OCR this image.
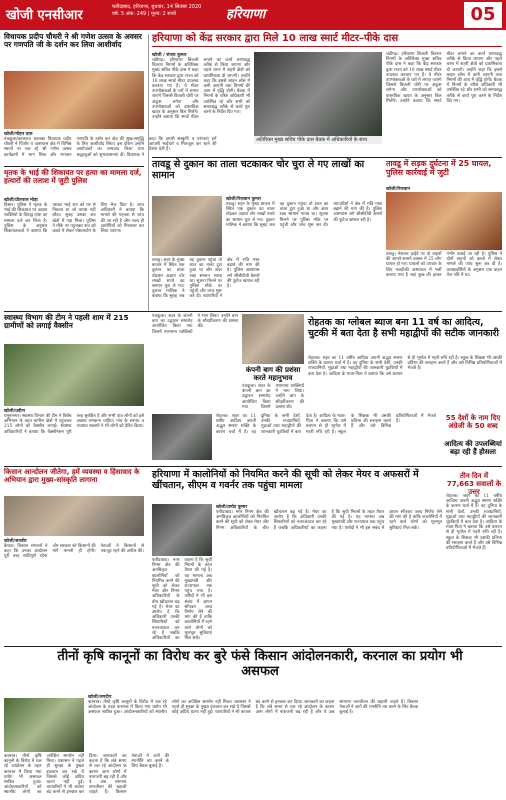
खोजी एनसीआर
फरीदाबाद, हरियाणा, बुधवार, 14 सितंबर 2020
वर्ष: 5 अंक: 249 | मूल्य: 2 रुपये	हरियाणा	05
विधायक प्रदीप चौधरी ने श्री गणेश उत्सव के अवसर पर गणपति जी के दर्शन कर लिया आशीर्वाद
खोजी/मोहन दास
पंचकूला/कालका। कालका विधायक प्रदीप चौधरी ने पिंजौर व आसपास क्षेत्र में विभिन्न स्थानों पर चल रहे श्री गणेश उत्सव कार्यक्रमों में भाग लिया और भगवान गणपति के दर्शन कर क्षेत्र की सुख-समृद्धि के लिए आशीर्वाद लिया। इस दौरान उन्होंने आयोजकों का धन्यवाद किया तथा श्रद्धालुओं को शुभकामनाएं दीं। विधायक ने कहा कि हमारी संस्कृति व परंपराएं हमें आपसी भाईचारे व मिलजुल कर रहने की प्रेरणा देती हैं।
मृतक के भाई की शिकायत पर हत्या का मामला दर्ज, हत्यारों की तलाश में जुटी पुलिस
खोजी/प्रीतपाल मोहा
हिसार। पुलिस ने मृतक के भाई की शिकायत पर अज्ञात व्यक्तियों के विरुद्ध हत्या का मामला दर्ज कर लिया है। पुलिस के अनुसार शिकायतकर्ता ने बताया कि उसका भाई रात को घर से निकला था जो वापस नहीं लौटा। सुबह उसका शव खेतों में पड़ा मिला। पुलिस ने मौके पर पहुंचकर शव को कब्जे में लेकर पोस्टमार्टम के लिए भेज दिया है। जांच अधिकारी ने बताया कि मामले की गहनता से जांच की जा रही है और जल्द ही आरोपियों को गिरफ्तार कर लिया जाएगा।
हरियाणा को केंद्र सरकार द्वारा मिले 10 लाख स्मार्ट मीटर–पीके दास
खोजी / संजय कुमार
चंडीगढ़। हरियाणा बिजली वितरण निगमों के अतिरिक्त मुख्य सचिव पीके दास ने कहा कि केंद्र सरकार द्वारा राज्य को 10 लाख स्मार्ट मीटर उपलब्ध करवाए गए हैं। ये मीटर उपभोक्ताओं के घरों में लगाए जाएंगे जिससे बिजली चोरी पर अंकुश लगेगा और उपभोक्ताओं को वास्तविक खपत के अनुसार बिल मिलेंगे। उन्होंने बताया कि स्मार्ट मीटर लगाने का कार्य चरणबद्ध तरीके से किया जाएगा और पहले चरण में शहरी क्षेत्रों को प्राथमिकता दी जाएगी। उन्होंने कहा कि इससे लाइन लॉस में कमी आएगी तथा निगमों की आय में वृद्धि होगी। बैठक में निगमों के वरिष्ठ अधिकारी भी उपस्थित रहे और सभी को समयबद्ध तरीके से कार्य पूरा करने के निर्देश दिए गए।
अतिरिक्त मुख्य सचिव पीके दास बैठक में अधिकारियों के साथ
चंडीगढ़। हरियाणा बिजली वितरण निगमों के अतिरिक्त मुख्य सचिव पीके दास ने कहा कि केंद्र सरकार द्वारा राज्य को 10 लाख स्मार्ट मीटर उपलब्ध करवाए गए हैं। ये मीटर उपभोक्ताओं के घरों में लगाए जाएंगे जिससे बिजली चोरी पर अंकुश लगेगा और उपभोक्ताओं को वास्तविक खपत के अनुसार बिल मिलेंगे। उन्होंने बताया कि स्मार्ट मीटर लगाने का कार्य चरणबद्ध तरीके से किया जाएगा और पहले चरण में शहरी क्षेत्रों को प्राथमिकता दी जाएगी। उन्होंने कहा कि इससे लाइन लॉस में कमी आएगी तथा निगमों की आय में वृद्धि होगी। बैठक में निगमों के वरिष्ठ अधिकारी भी उपस्थित रहे और सभी को समयबद्ध तरीके से कार्य पूरा करने के निर्देश दिए गए।
तावडू से दुकान का ताला चटकाकर चोर चुरा ले गए लाखों का सामान
खोजी/रिज़वान कुमार
तावडू। शहर के मुख्य बाजार में स्थित एक दुकान का ताला तोड़कर अज्ञात चोर लाखों रुपये का सामान चुरा ले गए। दुकान मालिक ने बताया कि सुबह जब वह दुकान पहुंचा तो शटर का ताला टूटा हुआ था और अंदर रखा सामान गायब था। सूचना मिलने पर पुलिस मौके पर पहुंची और जांच शुरू कर दी। व्यापारियों ने क्षेत्र में रात्रि गश्त बढ़ाने की मांग की है। पुलिस आसपास लगे सीसीटीवी कैमरों की फुटेज खंगाल रही है।
तावडू। शहर के मुख्य बाजार में स्थित एक दुकान का ताला तोड़कर अज्ञात चोर लाखों रुपये का सामान चुरा ले गए। दुकान मालिक ने बताया कि सुबह जब वह दुकान पहुंचा तो शटर का ताला टूटा हुआ था और अंदर रखा सामान गायब था। सूचना मिलने पर पुलिस मौके पर पहुंची और जांच शुरू कर दी। व्यापारियों ने क्षेत्र में रात्रि गश्त बढ़ाने की मांग की है। पुलिस आसपास लगे सीसीटीवी कैमरों की फुटेज खंगाल रही है।
तावडू में सड़क दुर्घटना में 25 घायल, पुलिस कार्रवाई में जुटी
खोजी/रिजवान
तावडू। नेशनल हाईवे पर दो वाहनों की आमने-सामने टक्कर में 25 लोग घायल हो गए। घायलों को उपचार के लिए नजदीकी अस्पताल में भर्ती कराया गया है जहां कुछ की हालत गंभीर बताई जा रही है। पुलिस ने दोनों वाहनों को कब्जे में लेकर मामले की जांच शुरू कर दी है। प्रत्यक्षदर्शियों के अनुसार एक वाहन तेज गति में था।
स्वास्थ्य विभाग की टीम ने पहली शाम में 215 ग्रामीणों को लगाई वैक्सीन
खोजी/प्रवीण
यमुनानगर। स्वास्थ्य विभाग की टीम ने विशेष अभियान के तहत ग्रामीण क्षेत्रों में पहुंचकर 215 लोगों को वैक्सीन लगाई। स्वास्थ्य अधिकारियों ने बताया कि वैक्सीनेशन पूरी तरह सुरक्षित है और सभी पात्र लोगों को इसे अवश्य लगवाना चाहिए। गांव के सरपंच व पंचायत सदस्यों ने भी लोगों को प्रेरित किया।
पंचकूला। शहर के कंपनी बाग का उद्घाटन समारोह आयोजित किया गया जिसमें गणमान्य व्यक्तियों ने भाग लिया। उन्होंने बाग के सौंदर्यीकरण की प्रशंसा की।
कंपनी बाग की प्रशंसा करते महानुभाव
पंचकूला। शहर के कंपनी बाग का उद्घाटन समारोह आयोजित किया गया जिसमें गणमान्य व्यक्तियों ने भाग लिया। उन्होंने बाग के सौंदर्यीकरण की प्रशंसा की।
रोहतक का ग्लोबल ब्याज बना 11 वर्ष का आदित्य, चुटकी में बता देता है सभी महाद्वीपों की सटीक जानकारी
रोहतक। शहर का 11 वर्षीय आदित्य अपनी अद्भुत स्मरण शक्ति के कारण चर्चा में है। वह दुनिया के सभी देशों, उनकी राजधानियों, मुद्राओं तथा महाद्वीपों की जानकारी चुटकियों में बता देता है। आदित्य के माता-पिता ने बताया कि उसे बचपन से ही भूगोल में गहरी रुचि रही है। स्कूल के शिक्षक भी उसकी प्रतिभा की सराहना करते हैं और उसे विभिन्न प्रतियोगिताओं में भेजते हैं।	55 देशों के नाम दिए अंग्रेजी के 50 शब्द
आदित्य की उपलब्धियां बढ़ा रही हैं हौसला
रोहतक। शहर का 11 वर्षीय आदित्य अपनी अद्भुत स्मरण शक्ति के कारण चर्चा में है। वह दुनिया के सभी देशों, उनकी राजधानियों, मुद्राओं तथा महाद्वीपों की जानकारी चुटकियों में बता देता है। आदित्य के माता-पिता ने बताया कि उसे बचपन से ही भूगोल में गहरी रुचि रही है। स्कूल के शिक्षक भी उसकी प्रतिभा की सराहना करते हैं और उसे विभिन्न प्रतियोगिताओं में भेजते हैं।
किसान आन्दोलन जीतेगा, हमें व्यवस्था व हिंसावाद के अभियान द्वारा मुख्य-सांस्कृति लागाना
खोजी/सतबीर
कैथल। किसान संगठनों ने कहा कि उनका आंदोलन पूरी तरह शांतिपूर्ण रहेगा और सरकार को किसानों की मांगें माननी ही होंगी। नेताओं ने किसानों से एकजुट रहने की अपील की।
हरियाणा में कालोनियों को नियमित करने की सूची को लेकर मेयर व अफसरों में खींचतान, सीएम व गवर्नर तक पहुंचा मामला
खोजी/प्रमोद कुमार
फरीदाबाद। नगर निगम क्षेत्र की अनधिकृत कालोनियों को नियमित करने की सूची को लेकर मेयर और निगम अधिकारियों के बीच खींचतान बढ़ गई है। मेयर का आरोप है कि अधिकारी उनकी सिफारिशों को नजरअंदाज कर रहे हैं जबकि अधिकारियों का कहना है कि सूची नियमों के तहत तैयार की गई है। यह मामला अब मुख्यमंत्री और राज्यपाल तक पहुंच गया है। पार्षदों ने भी इस संबंध में ज्ञापन सौंपकर जल्द निर्णय लेने की मांग की है ताकि कालोनियों में रहने वाले लोगों को मूलभूत सुविधाएं मिल सकें।
फरीदाबाद। नगर निगम क्षेत्र की अनधिकृत कालोनियों को नियमित करने की सूची को लेकर मेयर और निगम अधिकारियों के बीच खींचतान बढ़ गई है। मेयर का आरोप है कि अधिकारी उनकी सिफारिशों को नजरअंदाज कर रहे हैं जबकि अधिकारियों का कहना है कि सूची नियमों के तहत तैयार की गई है। यह मामला अब मुख्यमंत्री और राज्यपाल तक पहुंच गया है। पार्षदों ने भी इस संबंध में ज्ञापन सौंपकर जल्द निर्णय लेने की मांग की है ताकि कालोनियों में रहने वाले लोगों को मूलभूत सुविधाएं मिल सकें।
तीन दिन में 77,663 सवालों के उत्तर
रोहतक। शहर का 11 वर्षीय आदित्य अपनी अद्भुत स्मरण शक्ति के कारण चर्चा में है। वह दुनिया के सभी देशों, उनकी राजधानियों, मुद्राओं तथा महाद्वीपों की जानकारी चुटकियों में बता देता है। आदित्य के माता-पिता ने बताया कि उसे बचपन से ही भूगोल में गहरी रुचि रही है। स्कूल के शिक्षक भी उसकी प्रतिभा की सराहना करते हैं और उसे विभिन्न प्रतियोगिताओं में भेजते हैं।
तीनों कृषि कानूनों का विरोध कर बुरे फंसे किसान आंदोलनकारी, करनाल का प्रयोग भी असफल
खोजी/जगदीप
करनाल। तीनों कृषि कानूनों के विरोध में चल रहे आंदोलन के तहत करनाल में किया गया प्रयोग भी असफल साबित हुआ। आंदोलनकारियों को स्थानीय लोगों का अपेक्षित समर्थन नहीं मिला। प्रशासन ने पहले ही सुरक्षा के पुख्ता इंतजाम कर रखे थे जिससे कोई अप्रिय घटना नहीं हुई। व्यापारियों ने भी बाजार बंद करने से इनकार कर दिया। जानकारों का कहना है कि लंबे समय से चल रहे आंदोलन के कारण आम लोगों में नाराजगी बढ़ रही है और वे अब सामान्य जनजीवन की बहाली चाहते हैं। किसान नेताओं ने आगे की रणनीति तय करने के लिए बैठक बुलाई है।
करनाल। तीनों कृषि कानूनों के विरोध में चल रहे आंदोलन के तहत करनाल में किया गया प्रयोग भी असफल साबित हुआ। आंदोलनकारियों को स्थानीय लोगों का अपेक्षित समर्थन नहीं मिला। प्रशासन ने पहले ही सुरक्षा के पुख्ता इंतजाम कर रखे थे जिससे कोई अप्रिय घटना नहीं हुई। व्यापारियों ने भी बाजार बंद करने से इनकार कर दिया। जानकारों का कहना है कि लंबे समय से चल रहे आंदोलन के कारण आम लोगों में नाराजगी बढ़ रही है और वे अब सामान्य जनजीवन की बहाली चाहते हैं। किसान नेताओं ने आगे की रणनीति तय करने के लिए बैठक बुलाई है।
